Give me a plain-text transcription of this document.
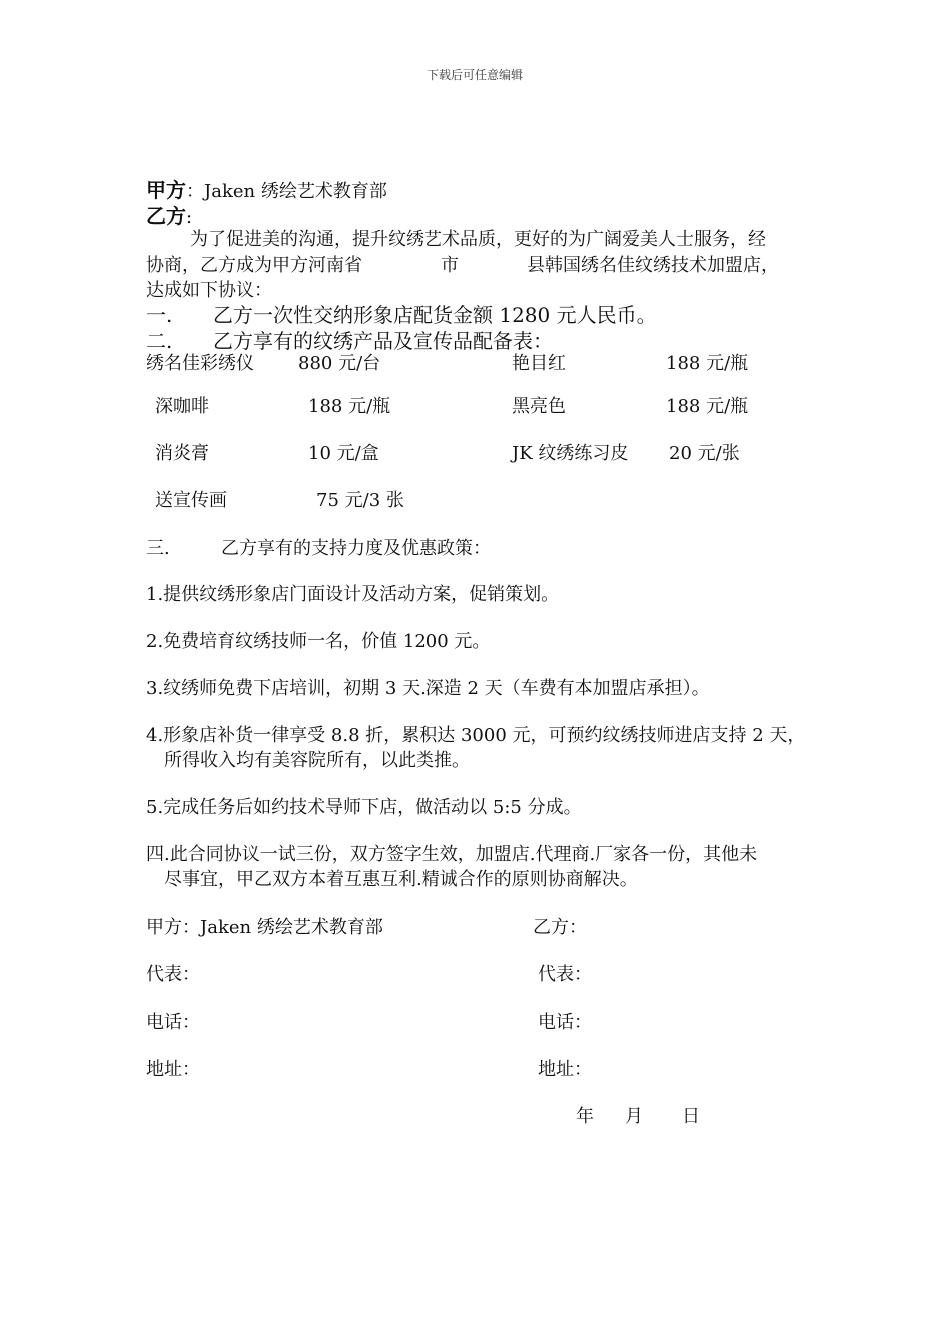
下载后可任意编辑
甲方：Jaken 绣绘艺术教育部
乙方:
为了促进美的沟通，提升纹绣艺术品质，更好的为广阔爱美人士服务，经
协商，乙方成为甲方河南省	市	县韩国绣名佳纹绣技术加盟店，
达成如下协议：
一. 乙方一次性交纳形象店配货金额 1280 元人民币。
二. 乙方享有的纹绣产品及宣传品配备表：
绣名佳彩绣仪 880 元/台	艳目红	188 元/瓶
深咖啡	188 元/瓶	黑亮色	188 元/瓶
消炎膏	10 元/盒	JK 纹绣练习皮 20 元/张
送宣传画	75 元/3 张
三.	乙方享有的支持力度及优惠政策：
1.提供纹绣形象店门面设计及活动方案，促销策划。
2.免费培育纹绣技师一名，价值 1200 元。
3.纹绣师免费下店培训，初期 3 天.深造 2 天（车费有本加盟店承担）。
4.形象店补货一律享受 8.8 折，累积达 3000 元，可预约纹绣技师进店支持 2 天，
所得收入均有美容院所有，以此类推。
5.完成任务后如约技术导师下店，做活动以 5:5 分成。
四.此合同协议一试三份，双方签字生效，加盟店.代理商.厂家各一份，其他未
尽事宜，甲乙双方本着互惠互利.精诚合作的原则协商解决。
甲方：Jaken 绣绘艺术教育部	乙方：
代表：	代表：
电话：	电话：
地址：	地址：
年 月 日
